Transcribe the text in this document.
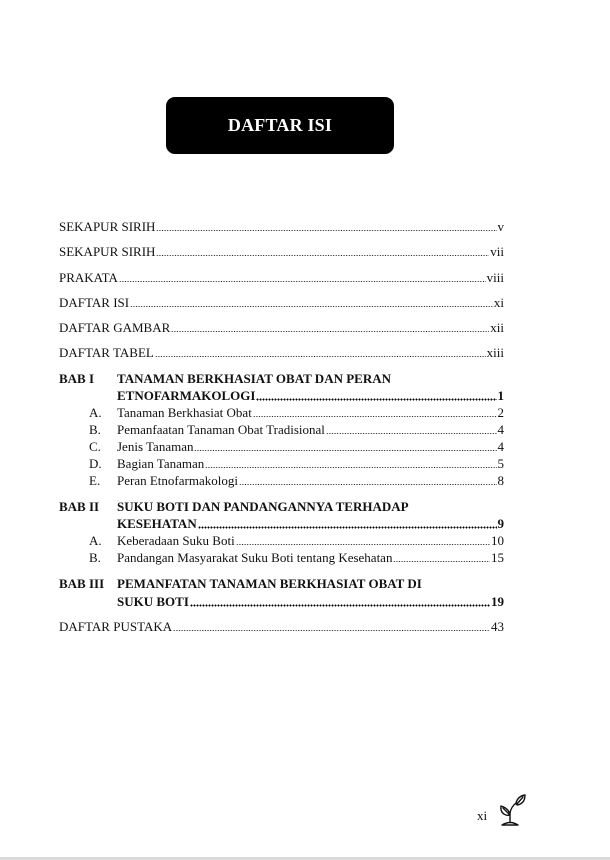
DAFTAR ISI
SEKAPUR SIRIH	v
SEKAPUR SIRIH	vii
PRAKATA	viii
DAFTAR ISI	xi
DAFTAR GAMBAR	xii
DAFTAR TABEL	xiii
BAB I TANAMAN BERKHASIAT OBAT DAN PERAN
ETNOFARMAKOLOGI	1
A. Tanaman Berkhasiat Obat	2
B. Pemanfaatan Tanaman Obat Tradisional	4
C. Jenis Tanaman	4
D. Bagian Tanaman	5
E. Peran Etnofarmakologi	8
BAB II SUKU BOTI DAN PANDANGANNYA TERHADAP
KESEHATAN	9
A. Keberadaan Suku Boti	10
B. Pandangan Masyarakat Suku Boti tentang Kesehatan	15
BAB III PEMANFATAN TANAMAN BERKHASIAT OBAT DI
SUKU BOTI	19
DAFTAR PUSTAKA	43
xi
